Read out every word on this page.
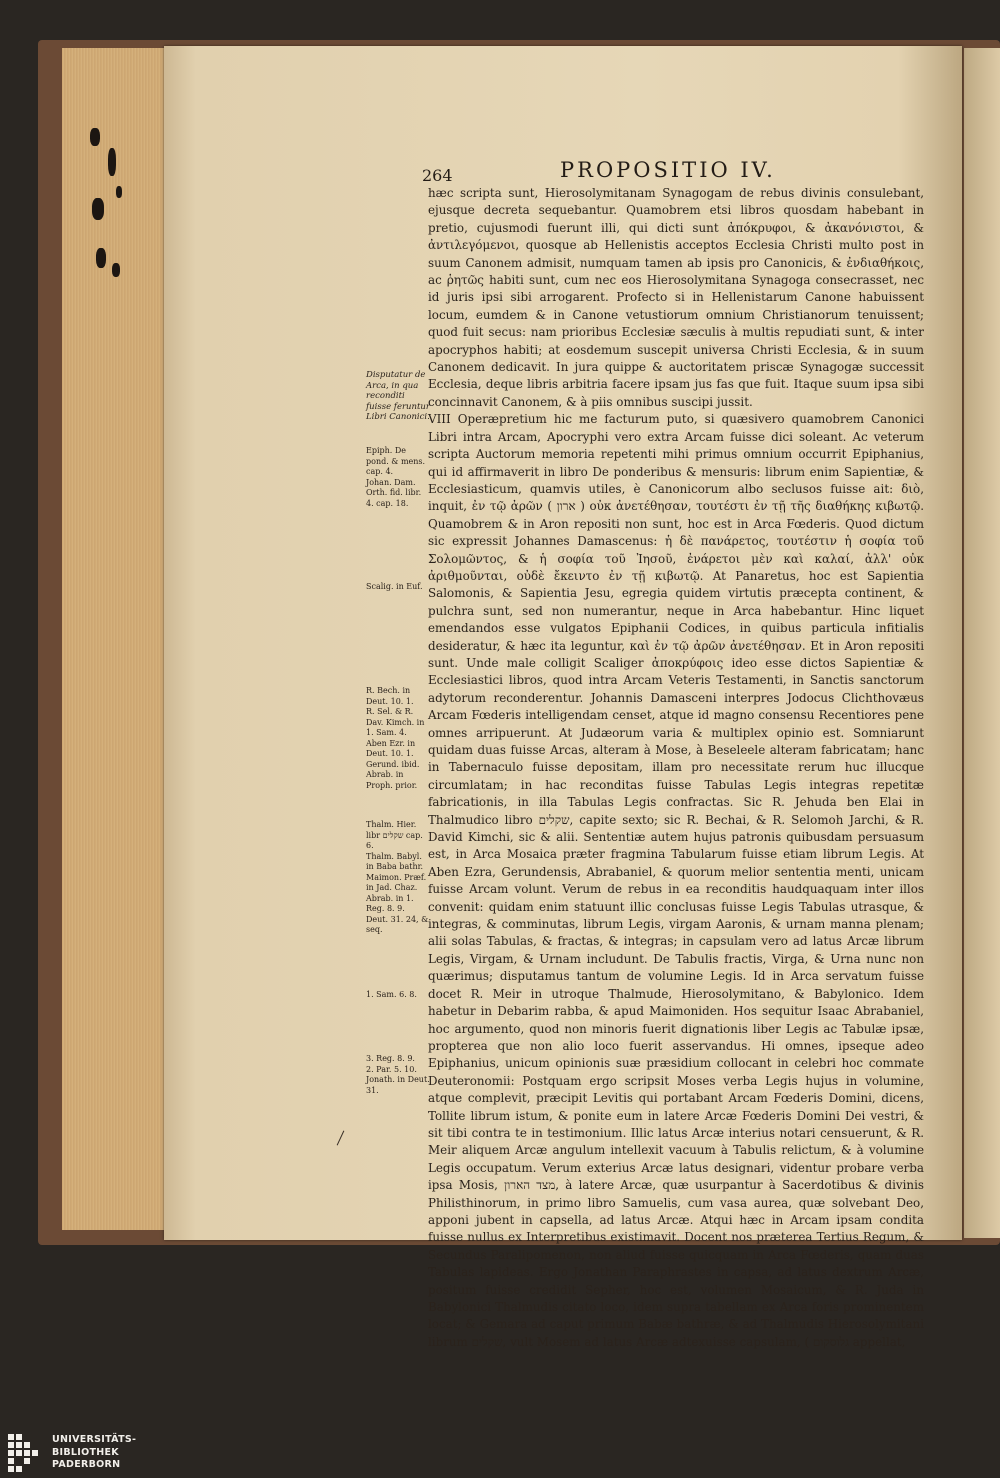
264	PROPOSITIO IV.

hæc scripta sunt, Hierosolymitanam Synagogam de rebus divinis consulebant, ejusque decreta sequebantur. Quamobrem etsi libros quosdam habebant in pretio, cujusmodi fuerunt illi, qui dicti sunt ἀπόκρυφοι, & ἀκανόνιστοι, & ἀντιλεγόμενοι, quosque ab Hellenistis acceptos Ecclesia Christi multo post in suum Canonem admisit, numquam tamen ab ipsis pro Canonicis, & ἐνδιαθήκοις, ac ῥητῶς habiti sunt, cum nec eos Hierosolymitana Synagoga consecrasset, nec id juris ipsi sibi arrogarent. Profecto si in Hellenistarum Canone habuissent locum, eumdem & in Canone vetustiorum omnium Christianorum tenuissent; quod fuit secus: nam prioribus Ecclesiæ sæculis à multis repudiati sunt, & inter apocryphos habiti; at eosdemum suscepit universa Christi Ecclesia, & in suum Canonem dedicavit. In jura quippe & auctoritatem priscæ Synagogæ successit Ecclesia, deque libris arbitria facere ipsam jus fas que fuit. Itaque suum ipsa sibi concinnavit Canonem, & à piis omnibus suscipi jussit.

VIII Operæpretium hic me facturum puto, si quæsivero quamobrem Canonici Libri intra Arcam, Apocryphi vero extra Arcam fuisse dici soleant. Ac veterum scripta Auctorum memoria repetenti mihi primus omnium occurrit Epiphanius, qui id affirmaverit in libro De ponderibus & mensuris: librum enim Sapientiæ, & Ecclesiasticum, quamvis utiles, è Canonicorum albo seclusos fuisse ait: διὸ, inquit, ἐν τῷ ἀρῶν ( ארון ) οὐκ ἀνετέθησαν, τουτέστι ἐν τῇ τῆς διαθήκης κιβωτῷ. Quamobrem & in Aron repositi non sunt, hoc est in Arca Fœderis. Quod dictum sic expressit Johannes Damascenus: ἡ δὲ πανάρετος, τουτέστιν ἡ σοφία τοῦ Σολομῶντος, & ἡ σοφία τοῦ Ἰησοῦ, ἐνάρετοι μὲν καὶ καλαί, ἀλλ' οὐκ ἀριθμοῦνται, οὐδὲ ἔκειντο ἐν τῇ κιβωτῷ. At Panaretus, hoc est Sapientia Salomonis, & Sapientia Jesu, egregia quidem virtutis præcepta continent, & pulchra sunt, sed non numerantur, neque in Arca habebantur. Hinc liquet emendandos esse vulgatos Epiphanii Codices, in quibus particula infitialis desideratur, & hæc ita leguntur, καὶ ἐν τῷ ἀρῶν ἀνετέθησαν. Et in Aron repositi sunt. Unde male colligit Scaliger ἀποκρύφοις ideo esse dictos Sapientiæ & Ecclesiastici libros, quod intra Arcam Veteris Testamenti, in Sanctis sanctorum adytorum reconderentur. Johannis Damasceni interpres Jodocus Clichthovæus Arcam Fœderis intelligendam censet, atque id magno consensu Recentiores pene omnes arripuerunt. At Judæorum varia & multiplex opinio est. Somniarunt quidam duas fuisse Arcas, alteram à Mose, à Beseleele alteram fabricatam; hanc in Tabernaculo fuisse depositam, illam pro necessitate rerum huc illucque circumlatam; in hac reconditas fuisse Tabulas Legis integras repetitæ fabricationis, in illa Tabulas Legis confractas. Sic R. Jehuda ben Elai in Thalmudico libro שקלים, capite sexto; sic R. Bechai, & R. Selomoh Jarchi, & R. David Kimchi, sic & alii. Sententiæ autem hujus patronis quibusdam persuasum est, in Arca Mosaica præter fragmina Tabularum fuisse etiam librum Legis. At Aben Ezra, Gerundensis, Abrabaniel, & quorum melior sententia menti, unicam fuisse Arcam volunt. Verum de rebus in ea reconditis haudquaquam inter illos convenit: quidam enim statuunt illic conclusas fuisse Legis Tabulas utrasque, & integras, & comminutas, librum Legis, virgam Aaronis, & urnam manna plenam; alii solas Tabulas, & fractas, & integras; in capsulam vero ad latus Arcæ librum Legis, Virgam, & Urnam includunt. De Tabulis fractis, Virga, & Urna nunc non quærimus; disputamus tantum de volumine Legis. Id in Arca servatum fuisse docet R. Meir in utroque Thalmude, Hierosolymitano, & Babylonico. Idem habetur in Debarim rabba, & apud Maimoniden. Hos sequitur Isaac Abrabaniel, hoc argumento, quod non minoris fuerit dignationis liber Legis ac Tabulæ ipsæ, propterea que non alio loco fuerit asservandus. Hi omnes, ipseque adeo Epiphanius, unicum opinionis suæ præsidium collocant in celebri hoc commate Deuteronomii: Postquam ergo scripsit Moses verba Legis hujus in volumine, atque complevit, præcipit Levitis qui portabant Arcam Fœderis Domini, dicens, Tollite librum istum, & ponite eum in latere Arcæ Fœderis Domini Dei vestri, & sit tibi contra te in testimonium. Illic latus Arcæ interius notari censuerunt, & R. Meir aliquem Arcæ angulum intellexit vacuum à Tabulis relictum, & à volumine Legis occupatum. Verum exterius Arcæ latus designari, videntur probare verba ipsa Mosis, מצד הארון, à latere Arcæ, quæ usurpantur à Sacerdotibus & divinis Philisthinorum, in primo libro Samuelis, cum vasa aurea, quæ solvebant Deo, apponi jubent in capsella, ad latus Arcæ. Atqui hæc in Arcam ipsam condita fuisse nullus ex Interpretibus existimavit. Docent nos præterea Tertius Regum, & Secundus Paralipomenon, non aliud fuisse quicquam in Arca Fœderis, quam duas Tabulas lapideas. Ergo Jonathan Paraphrastes in capsa, ad latus dextrum Arcæ, positum fuisse credidit Sepher, hoc est, volumen Mosaicum, & R. Juda in Babylonici Thalmudis citato loco, idem supra tabellam ex Arca foris prominentem locat; & Gemara ad caput primum Babæ bathræ, & ad Thalmudis Hierosolymitani librum שקלים, vult Mosem ad latus Arcæ adtexuisse capsulam, ( גלוסקום appellat,

Disputatur de Arca, in qua reconditi fuisse feruntur Libri Canonici.

Epiph. De pond. & mens. cap. 4.
Johan. Dam. Orth. fid. libr. 4. cap. 18.

Scalig. in Euf.

R. Bech. in Deut. 10. 1.
R. Sel. & R. Dav. Kimch. in 1. Sam. 4.
Aben Ezr. in Deut. 10. 1.
Gerund. ibid.
Abrab. in Proph. prior.

Thalm. Hier. libr שקלים cap. 6.
Thalm. Babyl. in Baba bathr.
Maimon. Præf. in Jad. Chaz.
Abrab. in 1. Reg. 8. 9.
Deut. 31. 24, & seq.

1. Sam. 6. 8.

3. Reg. 8. 9.
2. Par. 5. 10.
Jonath. in Deut. 31.

UNIVERSITÄTS-
BIBLIOTHEK
PADERBORN
